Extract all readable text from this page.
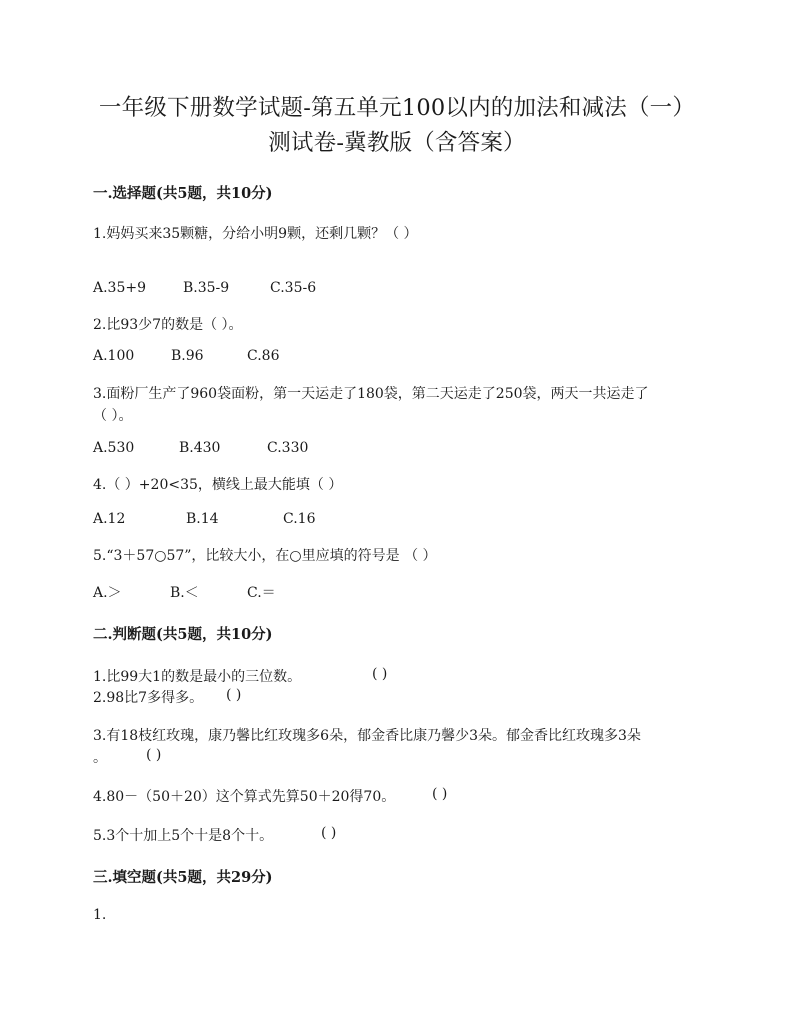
一年级下册数学试题-第五单元100以内的加法和减法（一）
测试卷-冀教版（含答案）
一.选择题(共5题，共10分)
1.妈妈买来35颗糖，分给小明9颗，还剩几颗？（ ）
A.35+9	B.35-9	C.35-6
2.比93少7的数是（ ）。
A.100	B.96	C.86
3.面粉厂生产了960袋面粉，第一天运走了180袋，第二天运走了250袋，两天一共运走了
（ ）。
A.530	B.430	C.330
4.（ ）+20<35，横线上最大能填（ ）
A.12	B.14	C.16
5.“3＋57○57”，比较大小，在○里应填的符号是 （ ）
A.＞	B.＜	C.＝
二.判断题(共5题，共10分)
1.比99大1的数是最小的三位数。	( )
2.98比7多得多。 ( )
3.有18枝红玫瑰，康乃馨比红玫瑰多6朵，郁金香比康乃馨少3朵。郁金香比红玫瑰多3朵
。	( )
4.80－（50＋20）这个算式先算50＋20得70。	( )
5.3个十加上5个十是8个十。	( )
三.填空题(共5题，共29分)
1.
